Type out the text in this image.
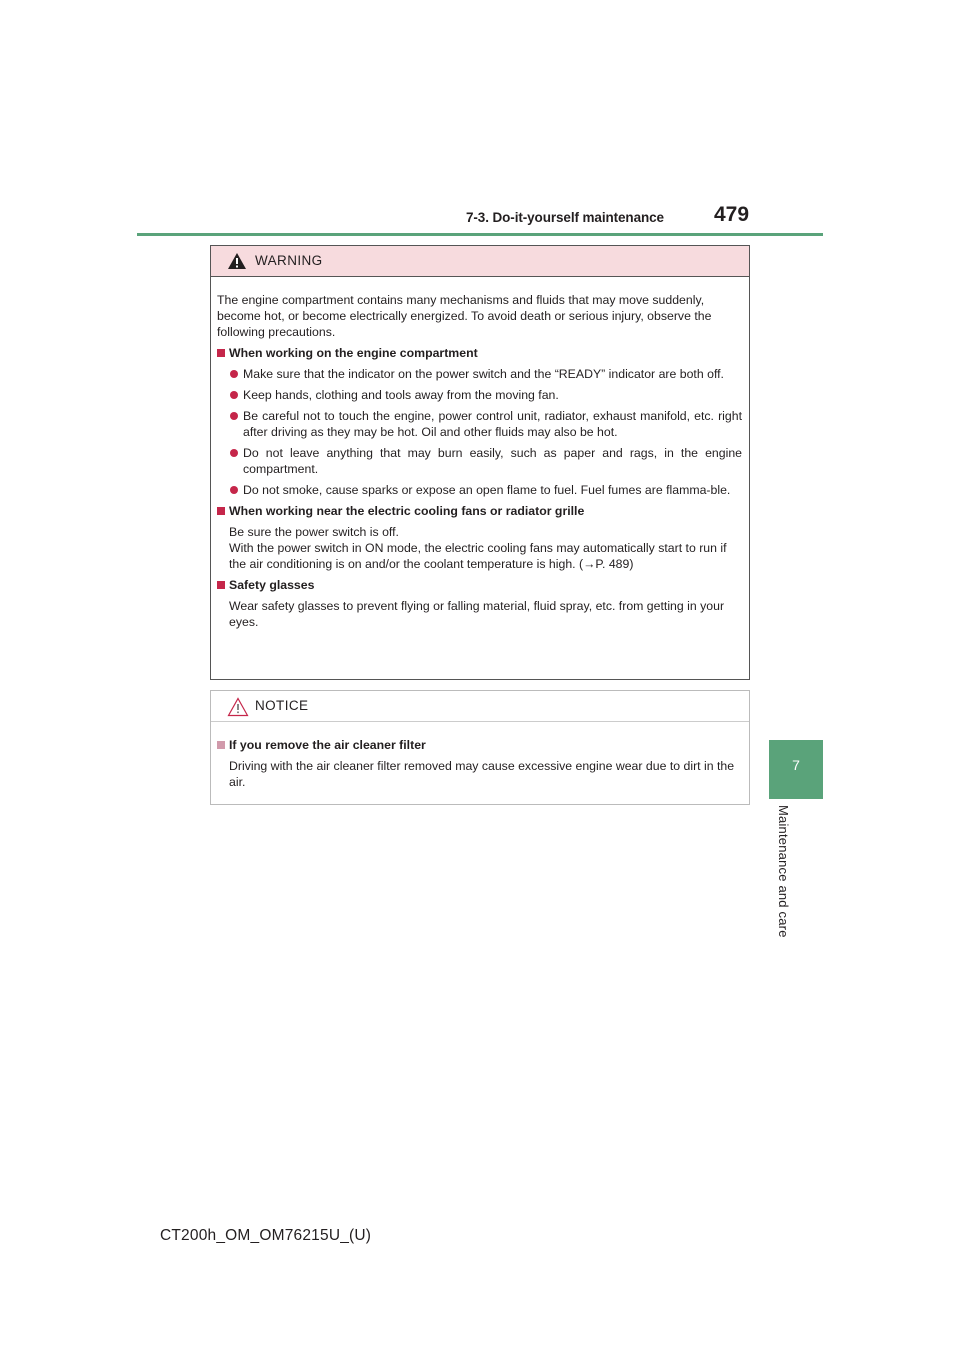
7-3. Do-it-yourself maintenance 479
7
Maintenance and care
WARNING

The engine compartment contains many mechanisms and fluids that may move suddenly, become hot, or become electrically energized. To avoid death or serious injury, observe the following precautions.

When working on the engine compartment

Make sure that the indicator on the power switch and the “READY” indicator are both off.

Keep hands, clothing and tools away from the moving fan.

Be careful not to touch the engine, power control unit, radiator, exhaust manifold, etc. right after driving as they may be hot. Oil and other fluids may also be hot.

Do not leave anything that may burn easily, such as paper and rags, in the engine compartment.

Do not smoke, cause sparks or expose an open flame to fuel. Fuel fumes are flamma-ble.

When working near the electric cooling fans or radiator grille

Be sure the power switch is off.

With the power switch in ON mode, the electric cooling fans may automatically start to run if the air conditioning is on and/or the coolant temperature is high. (→P. 489)

Safety glasses

Wear safety glasses to prevent flying or falling material, fluid spray, etc. from getting in your eyes.

NOTICE

If you remove the air cleaner filter

Driving with the air cleaner filter removed may cause excessive engine wear due to dirt in the air.

CT200h_OM_OM76215U_(U)
